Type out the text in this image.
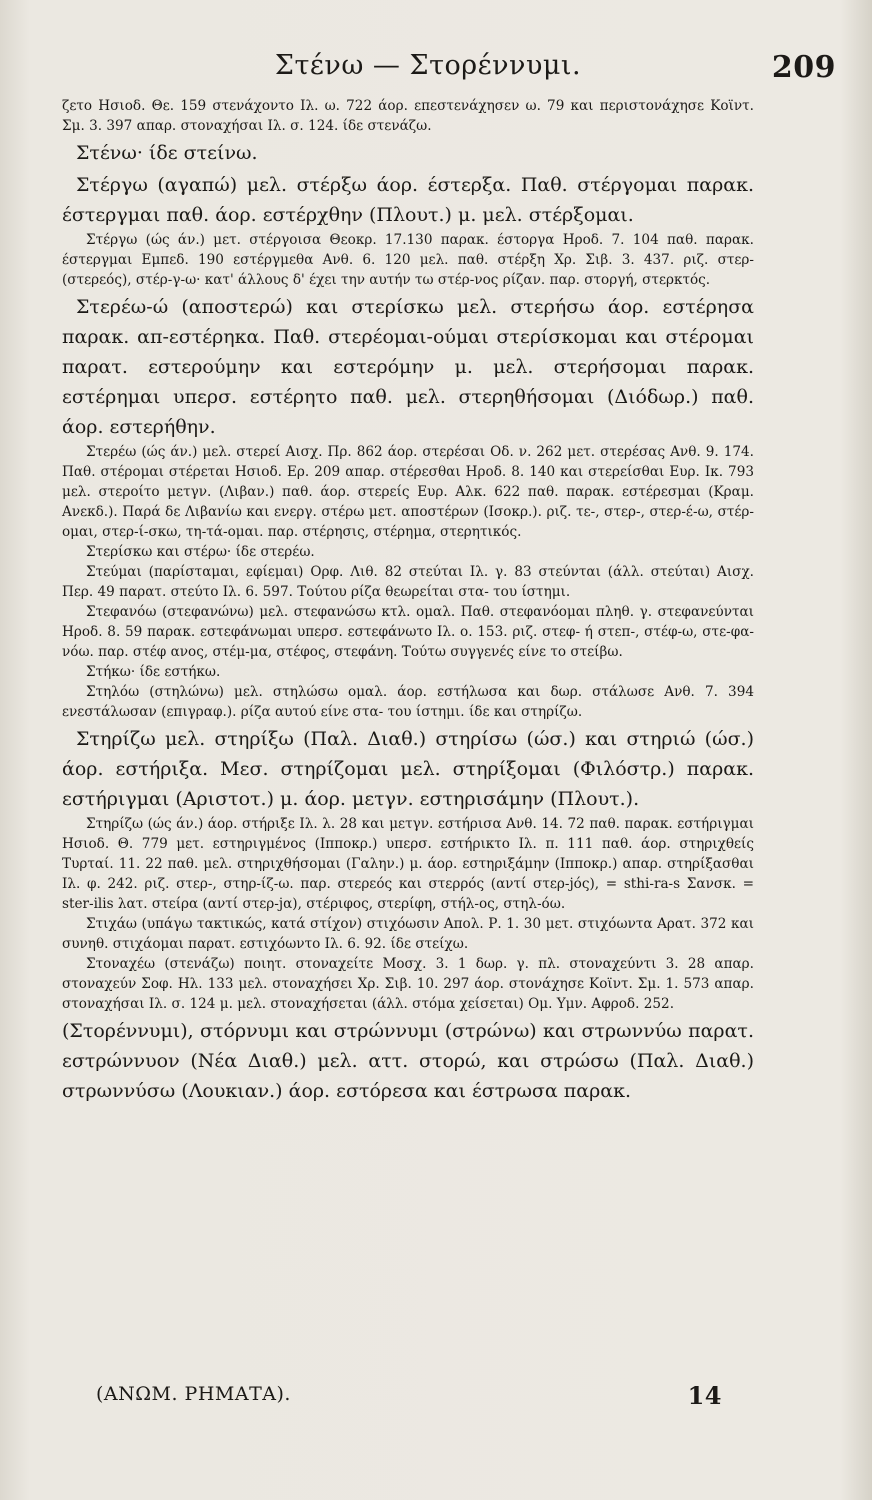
Στένω — Στορέννυμι.	209

ζετο Ησιοδ. Θε. 159 στενάχοντο Ιλ. ω. 722 άορ. επεστενάχησεν ω. 79 και περιστονάχησε Κοϊντ. Σμ. 3. 397 απαρ. στοναχήσαι Ιλ. σ. 124. ίδε στενάζω.

Στένω· ίδε στείνω.

Στέργω (αγαπώ) μελ. στέρξω άορ. έστερξα. Παθ. στέργομαι παρακ. έστεργμαι παθ. άορ. εστέρχθην (Πλουτ.) μ. μελ. στέρξομαι.

Στέργω (ώς άν.) μετ. στέργοισα Θεοκρ. 17.130 παρακ. έστοργα Ηροδ. 7. 104 παθ. παρακ. έστεργμαι Εμπεδ. 190 εστέργμεθα Ανθ. 6. 120 μελ. παθ. στέρξη Χρ. Σιβ. 3. 437. ριζ. στερ- (στερεός), στέρ-γ-ω· κατ' άλλους δ' έχει την αυτήν τω στέρ-νος ρίζαν. παρ. στοργή, στερκτός.

Στερέω-ώ (αποστερώ) και στερίσκω μελ. στερήσω άορ. εστέρησα παρακ. απ-εστέρηκα. Παθ. στερέομαι-ούμαι στερίσκομαι και στέρομαι παρατ. εστερούμην και εστερόμην μ. μελ. στερήσομαι παρακ. εστέρημαι υπερσ. εστέρητο παθ. μελ. στερηθήσομαι (Διόδωρ.) παθ. άορ. εστερήθην.

Στερέω (ώς άν.) μελ. στερεί Αισχ. Πρ. 862 άορ. στερέσαι Οδ. ν. 262 μετ. στερέσας Ανθ. 9. 174. Παθ. στέρομαι στέρεται Ησιοδ. Ερ. 209 απαρ. στέρεσθαι Ηροδ. 8. 140 και στερείσθαι Ευρ. Ικ. 793 μελ. στεροίτο μετγν. (Λιβαν.) παθ. άορ. στερείς Ευρ. Αλκ. 622 παθ. παρακ. εστέρεσμαι (Κραμ. Ανεκδ.). Παρά δε Λιβανίω και ενεργ. στέρω μετ. αποστέρων (Ισοκρ.). ριζ. τε-, στερ-, στερ-έ-ω, στέρ-ομαι, στερ-ί-σκω, τη-τά-ομαι. παρ. στέρησις, στέρημα, στερητικός.

Στερίσκω και στέρω· ίδε στερέω.

Στεύμαι (παρίσταμαι, εφίεμαι) Ορφ. Λιθ. 82 στεύται Ιλ. γ. 83 στεύνται (άλλ. στεύται) Αισχ. Περ. 49 παρατ. στεύτο Ιλ. 6. 597. Τούτου ρίζα θεωρείται στα- του ίστημι.

Στεφανόω (στεφανώνω) μελ. στεφανώσω κτλ. ομαλ. Παθ. στεφανόομαι πληθ. γ. στεφανεύνται Ηροδ. 8. 59 παρακ. εστεφάνωμαι υπερσ. εστεφάνωτο Ιλ. ο. 153. ριζ. στεφ- ή στεπ-, στέφ-ω, στε-φα-νόω. παρ. στέφ ανος, στέμ-μα, στέφος, στεφάνη. Τούτω συγγενές είνε το στείβω.

Στήκω· ίδε εστήκω.

Στηλόω (στηλώνω) μελ. στηλώσω ομαλ. άορ. εστήλωσα και δωρ. στάλωσε Ανθ. 7. 394 ενεστάλωσαν (επιγραφ.). ρίζα αυτού είνε στα- του ίστημι. ίδε και στηρίζω.

Στηρίζω μελ. στηρίξω (Παλ. Διαθ.) στηρίσω (ώσ.) και στηριώ (ώσ.) άορ. εστήριξα. Μεσ. στηρίζομαι μελ. στηρίξομαι (Φιλόστρ.) παρακ. εστήριγμαι (Αριστοτ.) μ. άορ. μετγν. εστηρισάμην (Πλουτ.).

Στηρίζω (ώς άν.) άορ. στήριξε Ιλ. λ. 28 και μετγν. εστήρισα Ανθ. 14. 72 παθ. παρακ. εστήριγμαι Ησιοδ. Θ. 779 μετ. εστηριγμένος (Ιπποκρ.) υπερσ. εστήρικτο Ιλ. π. 111 παθ. άορ. στηριχθείς Τυρταί. 11. 22 παθ. μελ. στηριχθήσομαι (Γαλην.) μ. άορ. εστηριξάμην (Ιπποκρ.) απαρ. στηρίξασθαι Ιλ. φ. 242. ριζ. στερ-, στηρ-ίζ-ω. παρ. στερεός και στερρός (αντί στερ-jός), = sthi-ra-s Σανσκ. = ster-ilis λατ. στείρα (αντί στερ-jα), στέριφος, στερίφη, στήλ-ος, στηλ-όω.

Στιχάω (υπάγω τακτικώς, κατά στίχον) στιχόωσιν Απολ. Ρ. 1. 30 μετ. στιχόωντα Αρατ. 372 και συνηθ. στιχάομαι παρατ. εστιχόωντο Ιλ. 6. 92. ίδε στείχω.

Στοναχέω (στενάζω) ποιητ. στοναχείτε Μοσχ. 3. 1 δωρ. γ. πλ. στοναχεύντι 3. 28 απαρ. στοναχεύν Σοφ. Ηλ. 133 μελ. στοναχήσει Χρ. Σιβ. 10. 297 άορ. στονάχησε Κοϊντ. Σμ. 1. 573 απαρ. στοναχήσαι Ιλ. σ. 124 μ. μελ. στοναχήσεται (άλλ. στόμα χείσεται) Ομ. Υμν. Αφροδ. 252.

(Στορέννυμι), στόρνυμι και στρώννυμι (στρώνω) και στρωννύω παρατ. εστρώννυον (Νέα Διαθ.) μελ. αττ. στορώ, και στρώσω (Παλ. Διαθ.) στρωννύσω (Λουκιαν.) άορ. εστόρεσα και έστρωσα παρακ.

(ΑΝΩΜ. ΡΗΜΑΤΑ).	14
